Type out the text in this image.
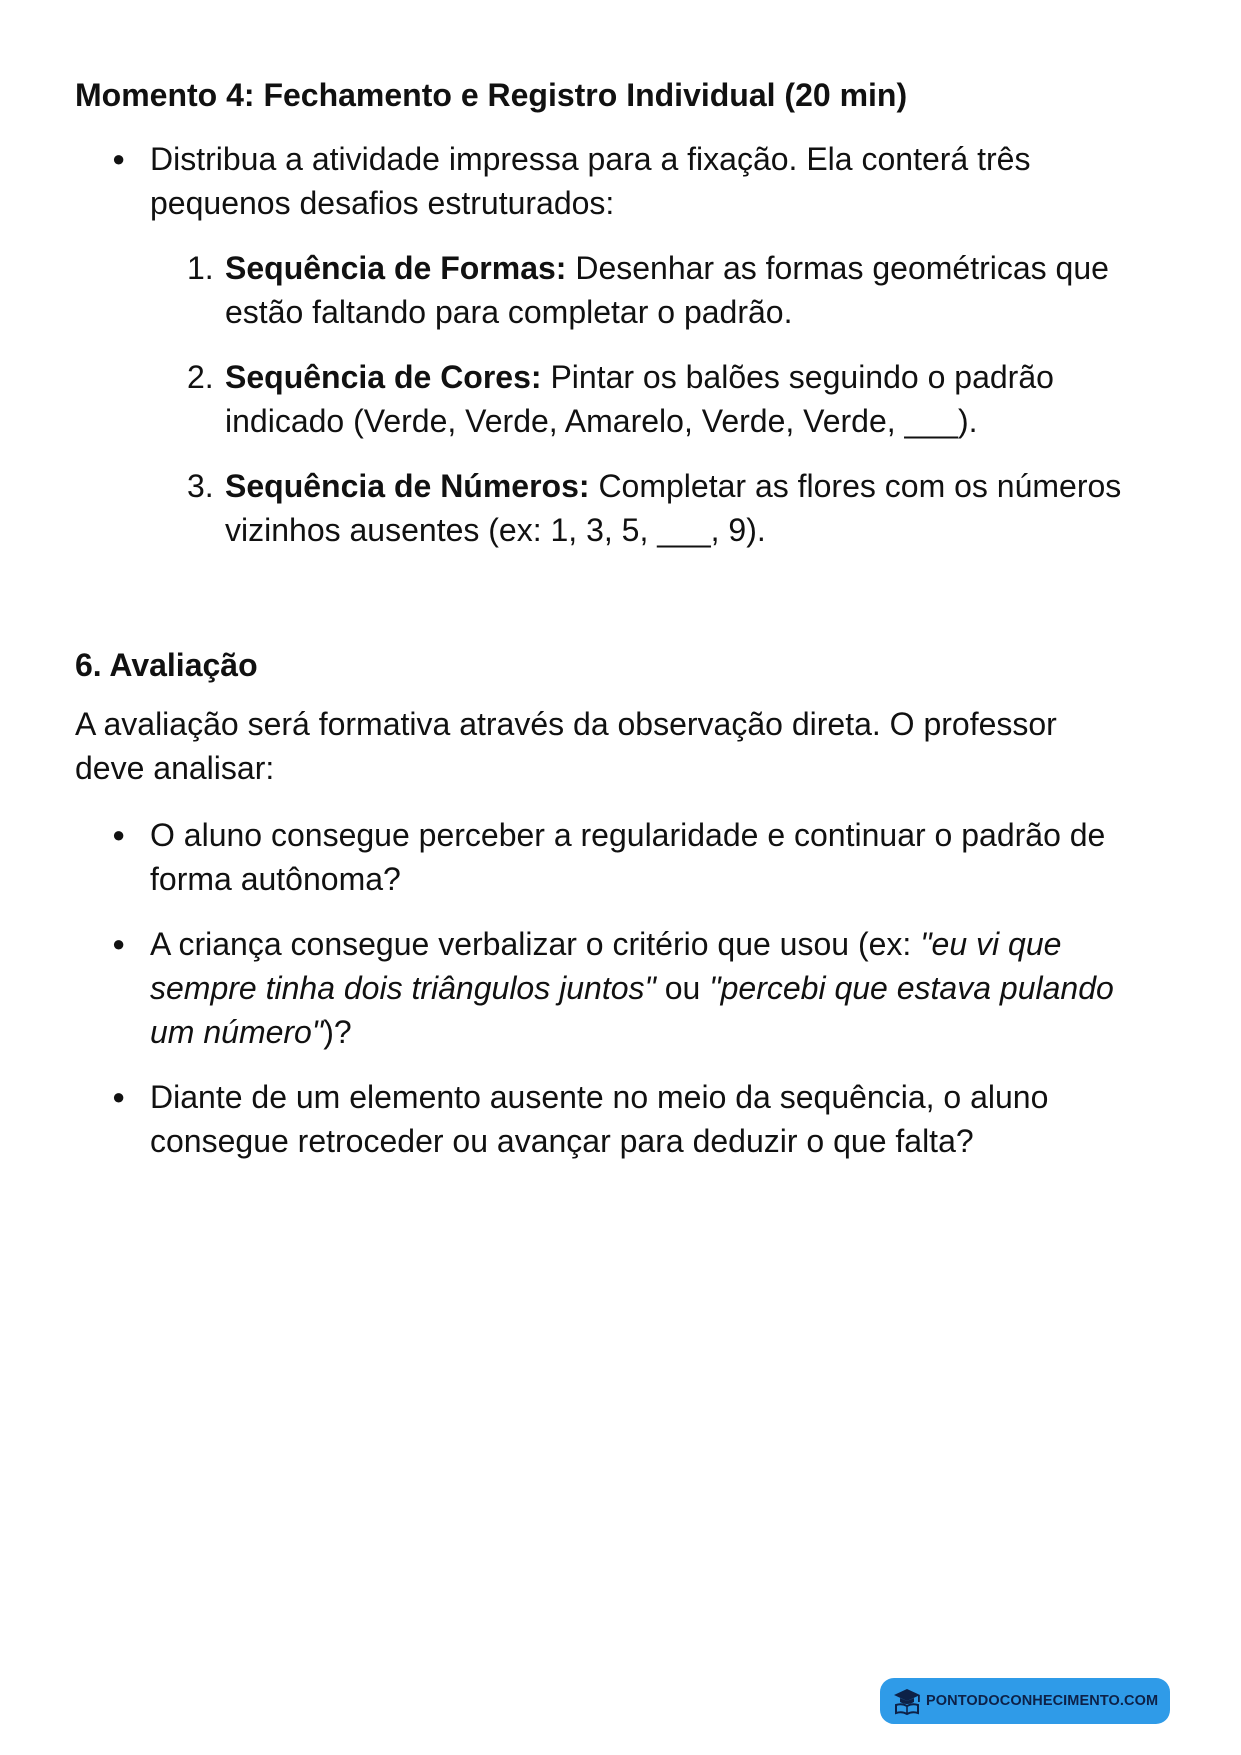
Momento 4: Fechamento e Registro Individual (20 min)
● Distribua a atividade impressa para a fixação. Ela conterá três
pequenos desafios estruturados:
1. Sequência de Formas: Desenhar as formas geométricas que
estão faltando para completar o padrão.
2. Sequência de Cores: Pintar os balões seguindo o padrão
indicado (Verde, Verde, Amarelo, Verde, Verde, ___).
3. Sequência de Números: Completar as flores com os números
vizinhos ausentes (ex: 1, 3, 5, ___, 9).
6. Avaliação
A avaliação será formativa através da observação direta. O professor
deve analisar:
● O aluno consegue perceber a regularidade e continuar o padrão de
forma autônoma?
● A criança consegue verbalizar o critério que usou (ex: "eu vi que
sempre tinha dois triângulos juntos" ou "percebi que estava pulando
um número")?
● Diante de um elemento ausente no meio da sequência, o aluno
consegue retroceder ou avançar para deduzir o que falta?
PONTODOCONHECIMENTO.COM
